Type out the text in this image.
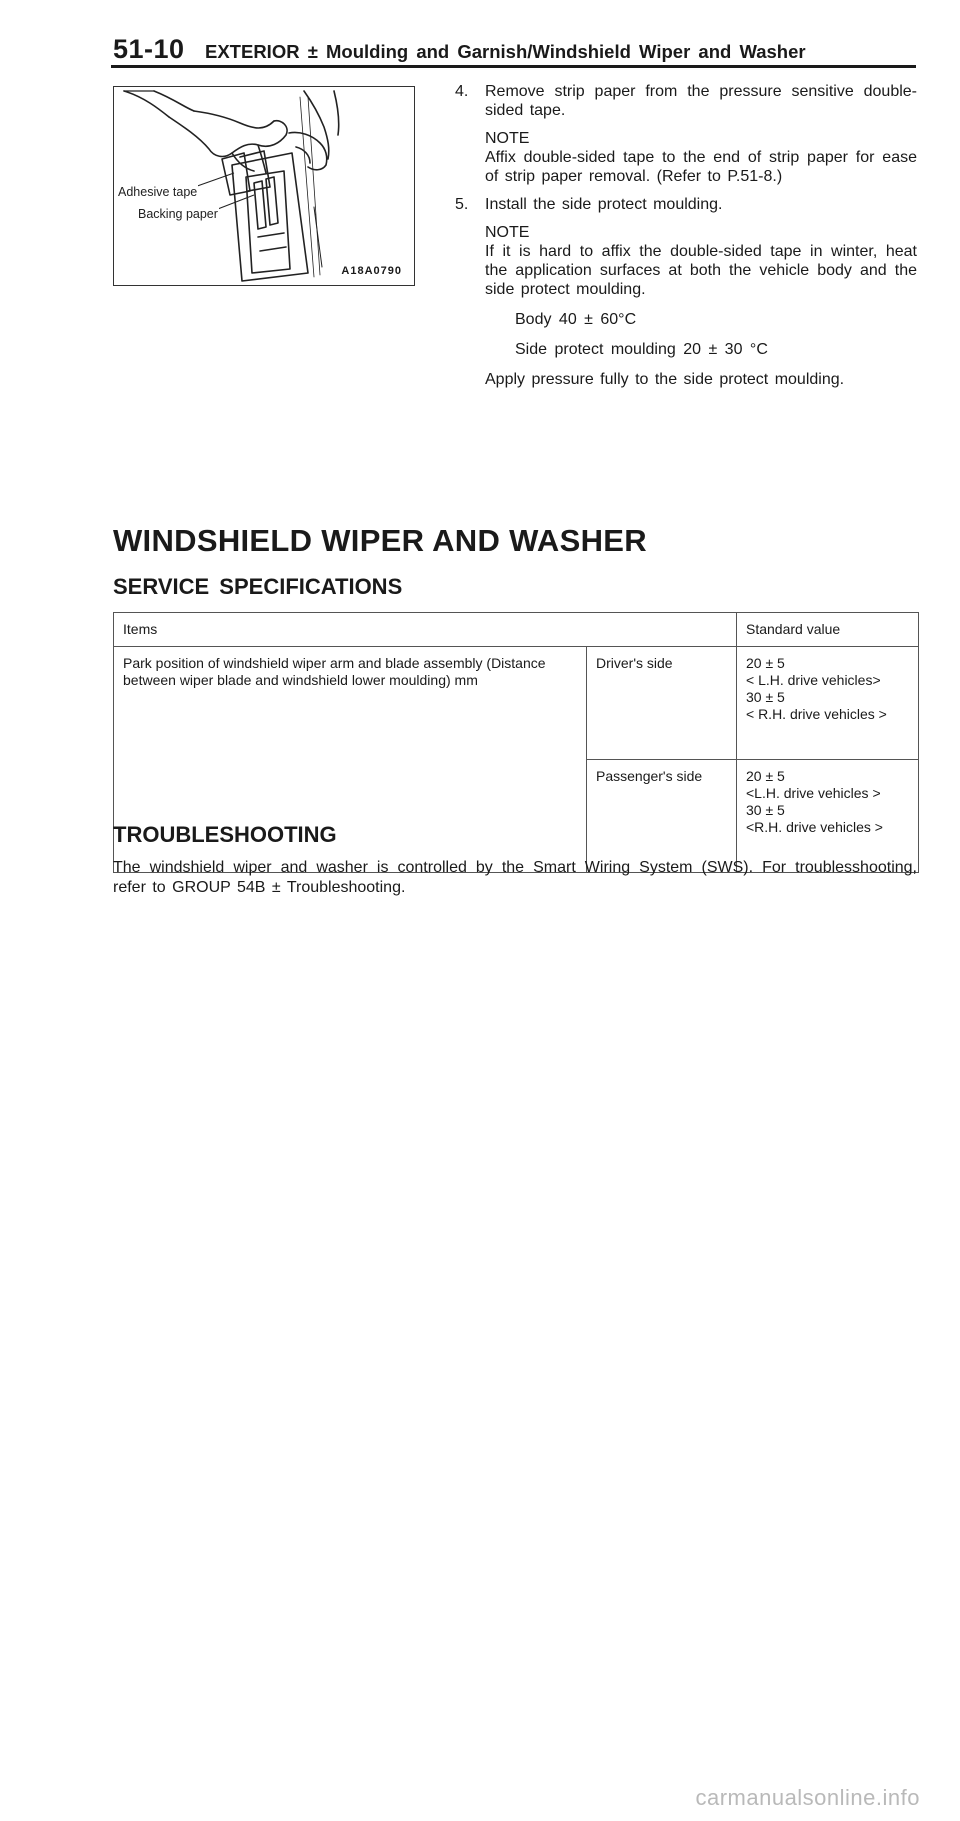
51-10 EXTERIOR ± Moulding and Garnish/Windshield Wiper and Washer
Adhesive tape
Backing paper
A18A0790
4. Remove strip paper from the pressure sensitive double-sided tape.
NOTE
Affix double-sided tape to the end of strip paper for ease of strip paper removal. (Refer to P.51-8.)
5. Install the side protect moulding.
NOTE
If it is hard to affix the double-sided tape in winter, heat the application surfaces at both the vehicle body and the side protect moulding.
Body 40 ± 60°C
Side protect moulding 20 ± 30 °C
Apply pressure fully to the side protect moulding.
WINDSHIELD WIPER AND WASHER
SERVICE SPECIFICATIONS
Items	Standard value
Park position of windshield wiper arm and blade assembly (Distance between wiper blade and windshield lower moulding) mm
Driver's side	20 ± 5
< L.H. drive vehicles>
30 ± 5
< R.H. drive vehicles >
Passenger's side	20 ± 5
<L.H. drive vehicles >
30 ± 5
<R.H. drive vehicles >
TROUBLESHOOTING
The windshield wiper and washer is controlled by the Smart Wiring System (SWS). For troublesshooting, refer to GROUP 54B ± Troubleshooting.
carmanualsonline.info
